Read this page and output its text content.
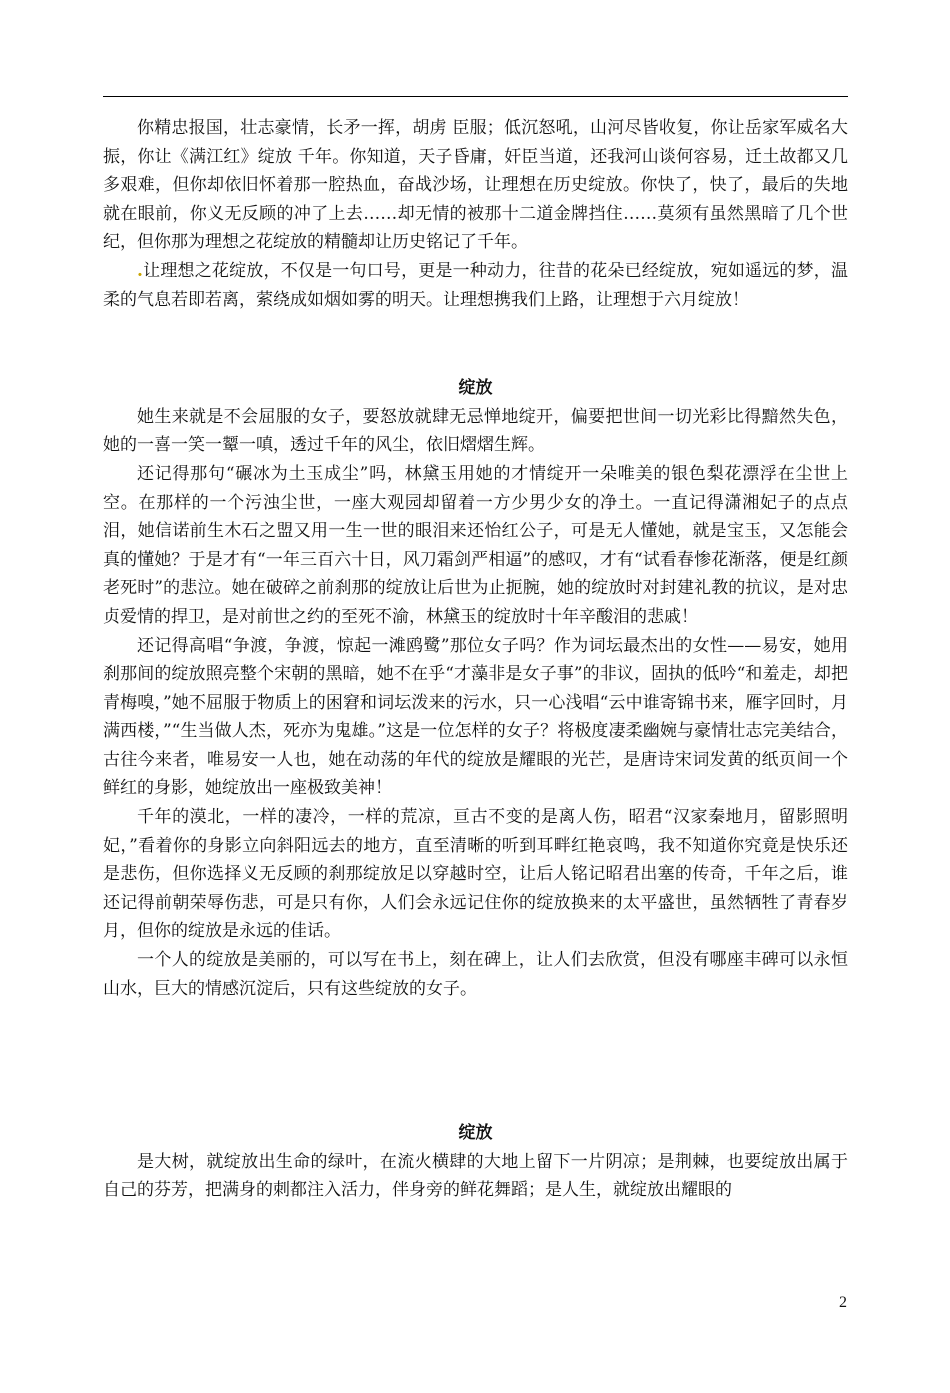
你精忠报国，壮志豪情，长矛一挥，胡虏 臣服；低沉怒吼，山河尽皆收复，你让岳家军威名大振，你让《满江红》绽放 千年。你知道，天子昏庸，奸臣当道，还我河山谈何容易，迁土故都又几多艰难，但你却依旧怀着那一腔热血，奋战沙场，让理想在历史绽放。你快了，快了，最后的失地就在眼前，你义无反顾的冲了上去……却无情的被那十二道金牌挡住……莫须有虽然黑暗了几个世纪，但你那为理想之花绽放的精髓却让历史铭记了千年。

.让理想之花绽放，不仅是一句口号，更是一种动力，往昔的花朵已经绽放，宛如遥远的梦，温柔的气息若即若离，萦绕成如烟如雾的明天。让理想携我们上路，让理想于六月绽放！

绽放

她生来就是不会屈服的女子，要怒放就肆无忌惮地绽开，偏要把世间一切光彩比得黯然失色，她的一喜一笑一颦一嗔，透过千年的风尘，依旧熠熠生辉。

还记得那句“碾冰为土玉成尘”吗，林黛玉用她的才情绽开一朵唯美的银色梨花漂浮在尘世上空。在那样的一个污浊尘世，一座大观园却留着一方少男少女的净土。一直记得潇湘妃子的点点泪，她信诺前生木石之盟又用一生一世的眼泪来还怡红公子，可是无人懂她，就是宝玉，又怎能会真的懂她？于是才有“一年三百六十日，风刀霜剑严相逼”的感叹，才有“试看春惨花渐落，便是红颜老死时”的悲泣。她在破碎之前刹那的绽放让后世为止扼腕，她的绽放时对封建礼教的抗议，是对忠贞爱情的捍卫，是对前世之约的至死不渝，林黛玉的绽放时十年辛酸泪的悲戚！

还记得高唱“争渡，争渡，惊起一滩鸥鹭”那位女子吗？作为词坛最杰出的女性——易安，她用刹那间的绽放照亮整个宋朝的黑暗，她不在乎“才藻非是女子事”的非议，固执的低吟“和羞走，却把青梅嗅，”她不屈服于物质上的困窘和词坛泼来的污水，只一心浅唱“云中谁寄锦书来，雁字回时，月满西楼，”“生当做人杰，死亦为鬼雄。”这是一位怎样的女子？将极度凄柔幽婉与豪情壮志完美结合，古往今来者，唯易安一人也，她在动荡的年代的绽放是耀眼的光芒，是唐诗宋词发黄的纸页间一个鲜红的身影，她绽放出一座极致美神！

千年的漠北，一样的凄冷，一样的荒凉，亘古不变的是离人伤，昭君“汉家秦地月，留影照明妃，”看着你的身影立向斜阳远去的地方，直至清晰的听到耳畔红艳哀鸣，我不知道你究竟是快乐还是悲伤，但你选择义无反顾的刹那绽放足以穿越时空，让后人铭记昭君出塞的传奇，千年之后，谁还记得前朝荣辱伤悲，可是只有你，人们会永远记住你的绽放换来的太平盛世，虽然牺牲了青春岁月，但你的绽放是永远的佳话。

一个人的绽放是美丽的，可以写在书上，刻在碑上，让人们去欣赏，但没有哪座丰碑可以永恒山水，巨大的情感沉淀后，只有这些绽放的女子。

绽放

是大树，就绽放出生命的绿叶，在流火横肆的大地上留下一片阴凉；是荆棘，也要绽放出属于自己的芬芳，把满身的刺都注入活力，伴身旁的鲜花舞蹈；是人生，就绽放出耀眼的

2
